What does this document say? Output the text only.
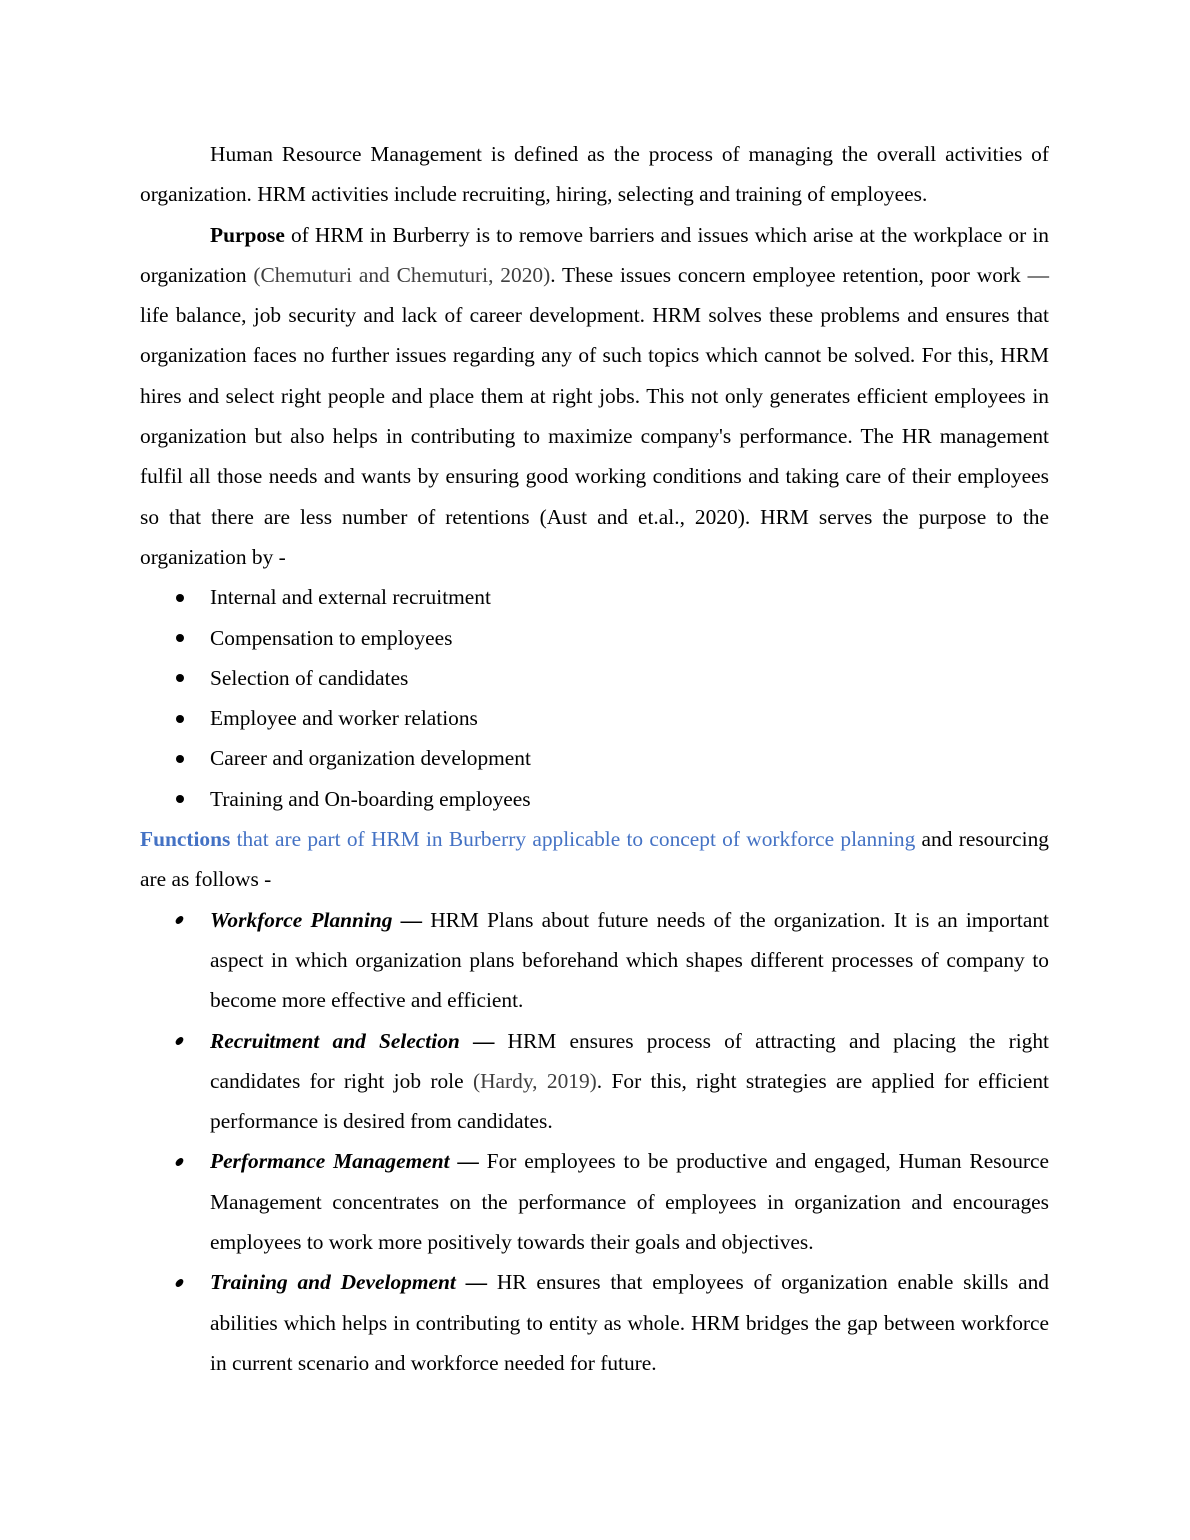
Human Resource Management is defined as the process of managing the overall activities of organization. HRM activities include recruiting, hiring, selecting and training of employees.

Purpose of HRM in Burberry is to remove barriers and issues which arise at the workplace or in organization (Chemuturi and Chemuturi, 2020). These issues concern employee retention, poor work — life balance, job security and lack of career development. HRM solves these problems and ensures that organization faces no further issues regarding any of such topics which cannot be solved. For this, HRM hires and select right people and place them at right jobs. This not only generates efficient employees in organization but also helps in contributing to maximize company's performance. The HR management fulfil all those needs and wants by ensuring good working conditions and taking care of their employees so that there are less number of retentions (Aust and et.al., 2020). HRM serves the purpose to the organization by -

Internal and external recruitment
Compensation to employees
Selection of candidates
Employee and worker relations
Career and organization development
Training and On-boarding employees

Functions that are part of HRM in Burberry applicable to concept of workforce planning and resourcing are as follows -

Workforce Planning — HRM Plans about future needs of the organization. It is an important aspect in which organization plans beforehand which shapes different processes of company to become more effective and efficient.
Recruitment and Selection — HRM ensures process of attracting and placing the right candidates for right job role (Hardy, 2019). For this, right strategies are applied for efficient performance is desired from candidates.
Performance Management — For employees to be productive and engaged, Human Resource Management concentrates on the performance of employees in organization and encourages employees to work more positively towards their goals and objectives.
Training and Development — HR ensures that employees of organization enable skills and abilities which helps in contributing to entity as whole. HRM bridges the gap between workforce in current scenario and workforce needed for future.
